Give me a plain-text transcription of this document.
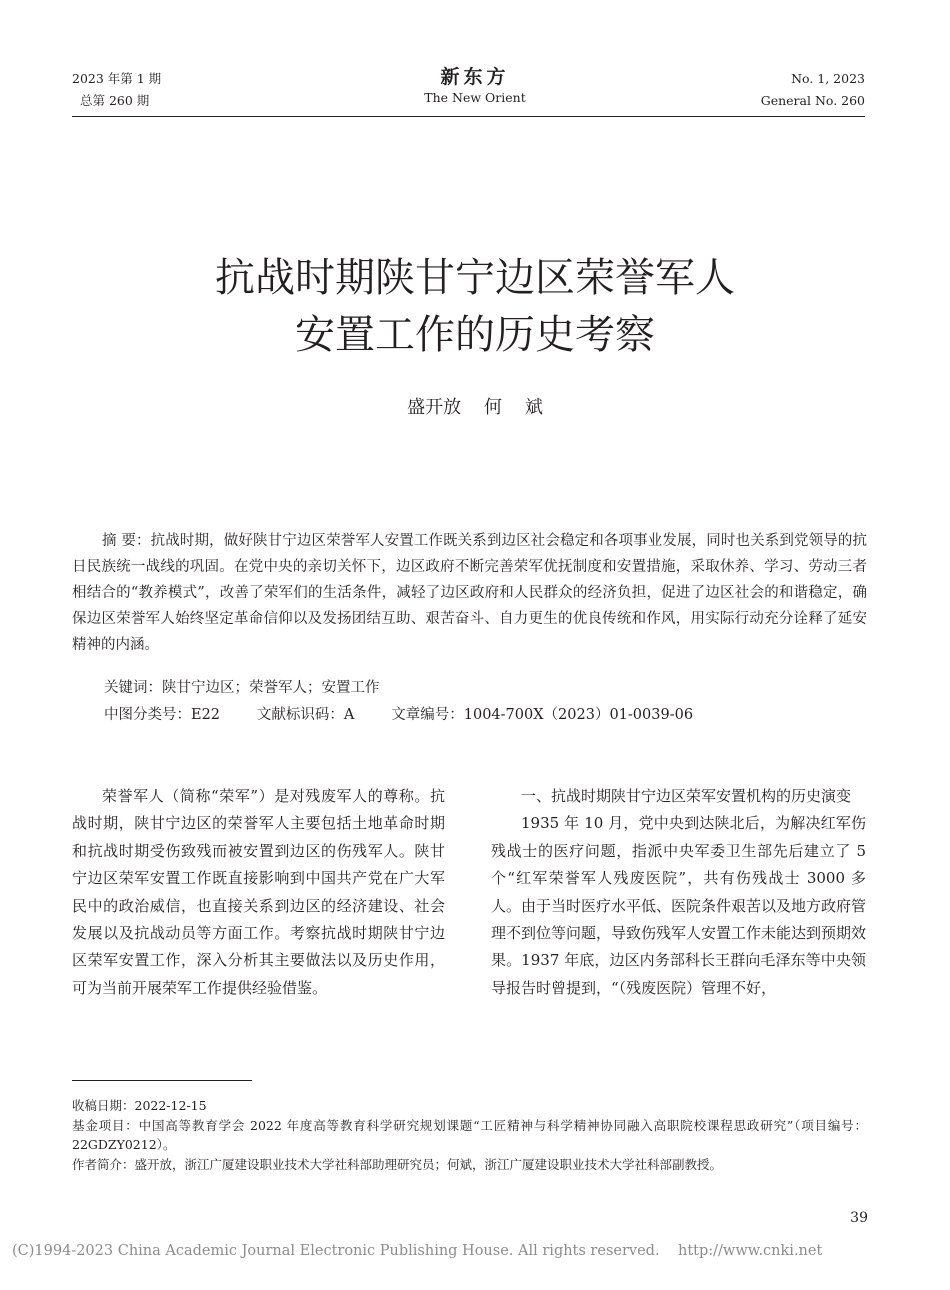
2023 年第 1 期
总第 260 期
新东方
The New Orient
No. 1, 2023
General No. 260
抗战时期陕甘宁边区荣誉军人
安置工作的历史考察
盛开放    何    斌

摘 要：抗战时期，做好陕甘宁边区荣誉军人安置工作既关系到边区社会稳定和各项事业发展，同时也关系到党领导的抗日民族统一战线的巩固。在党中央的亲切关怀下，边区政府不断完善荣军优抚制度和安置措施，采取休养、学习、劳动三者相结合的“教养模式”，改善了荣军们的生活条件，减轻了边区政府和人民群众的经济负担，促进了边区社会的和谐稳定，确保边区荣誉军人始终坚定革命信仰以及发扬团结互助、艰苦奋斗、自力更生的优良传统和作风，用实际行动充分诠释了延安精神的内涵。

关键词：陕甘宁边区；荣誉军人；安置工作
中图分类号：E22        文献标识码：A        文章编号：1004-700X（2023）01-0039-06

荣誉军人（简称“荣军”）是对残废军人的尊称。抗战时期，陕甘宁边区的荣誉军人主要包括土地革命时期和抗战时期受伤致残而被安置到边区的伤残军人。陕甘宁边区荣军安置工作既直接影响到中国共产党在广大军民中的政治威信，也直接关系到边区的经济建设、社会发展以及抗战动员等方面工作。考察抗战时期陕甘宁边区荣军安置工作，深入分析其主要做法以及历史作用，可为当前开展荣军工作提供经验借鉴。

一、抗战时期陕甘宁边区荣军安置机构的历史演变

1935 年 10 月，党中央到达陕北后，为解决红军伤残战士的医疗问题，指派中央军委卫生部先后建立了 5 个“红军荣誉军人残废医院”，共有伤残战士 3000 多人。由于当时医疗水平低、医院条件艰苦以及地方政府管理不到位等问题，导致伤残军人安置工作未能达到预期效果。1937 年底，边区内务部科长王群向毛泽东等中央领导报告时曾提到，“（残废医院）管理不好，

收稿日期：2022-12-15

基金项目：中国高等教育学会 2022 年度高等教育科学研究规划课题“工匠精神与科学精神协同融入高职院校课程思政研究”（项目编号：22GDZY0212）。

作者简介：盛开放，浙江广厦建设职业技术大学社科部助理研究员；何斌，浙江广厦建设职业技术大学社科部副教授。

39
(C)1994-2023 China Academic Journal Electronic Publishing House. All rights reserved.    http://www.cnki.net
